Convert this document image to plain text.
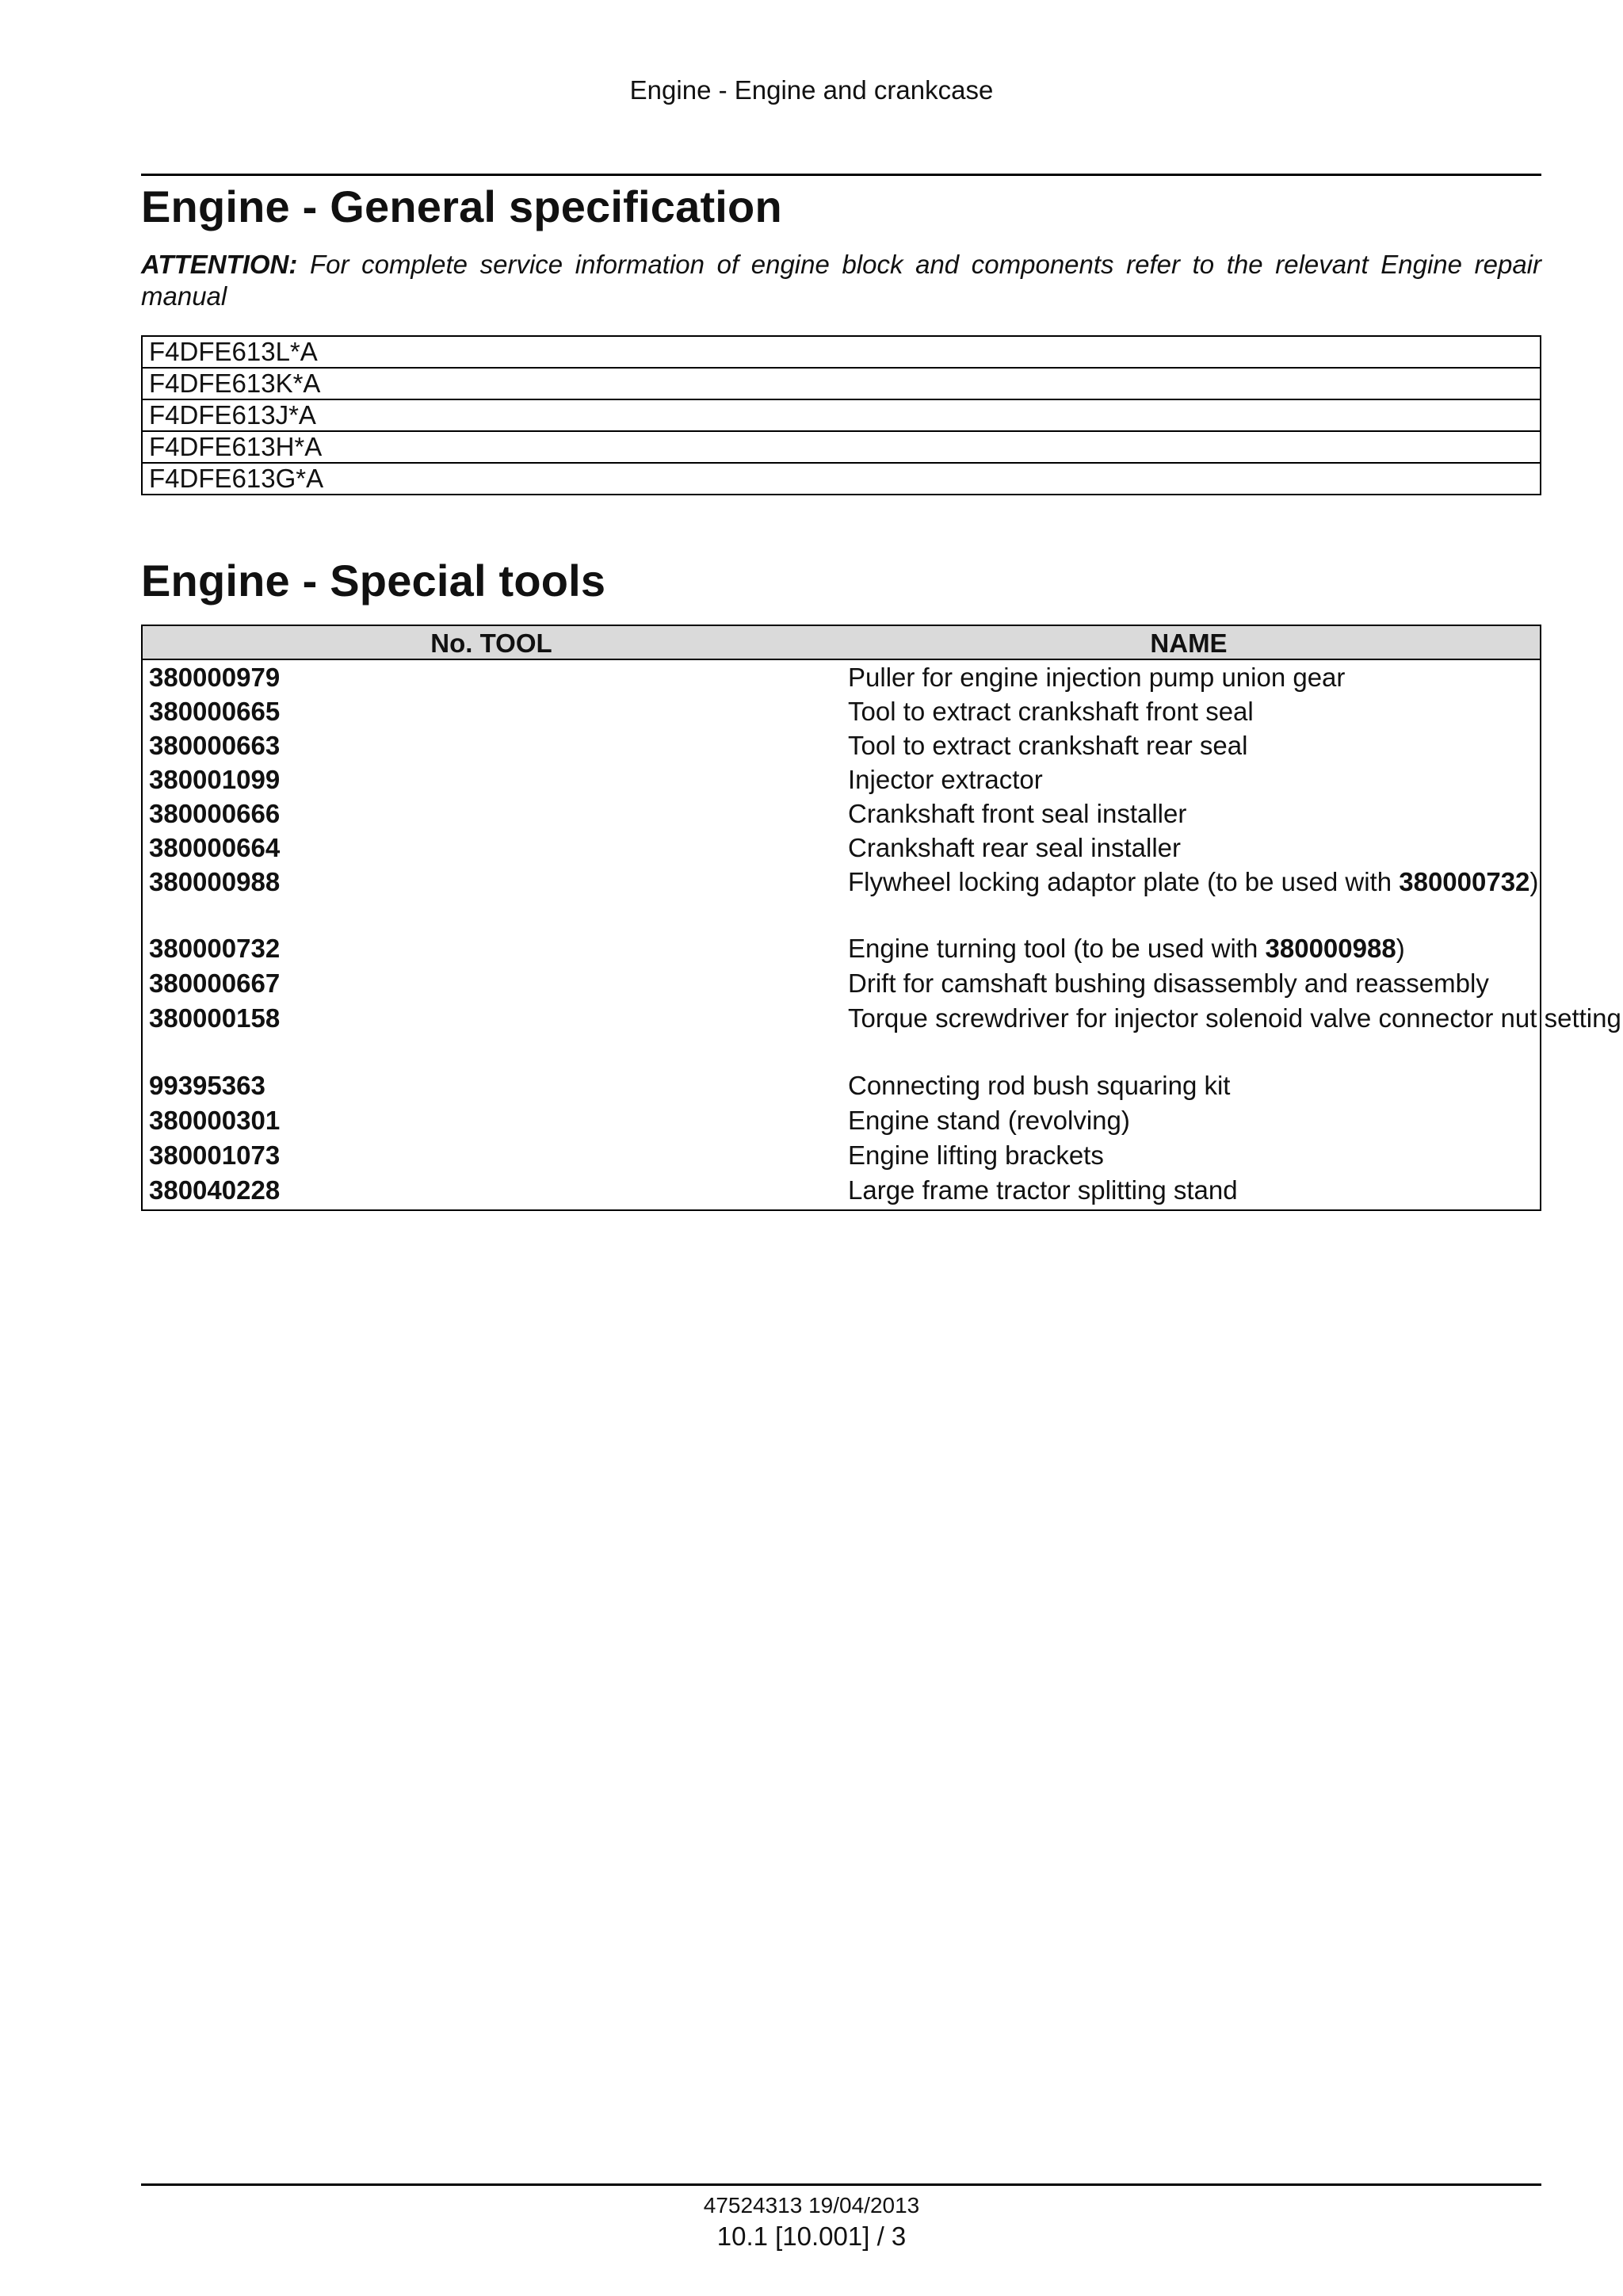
Engine - Engine and crankcase
Engine - General specification
ATTENTION: For complete service information of engine block and components refer to the relevant Engine repair manual
F4DFE613L*A
F4DFE613K*A
F4DFE613J*A
F4DFE613H*A
F4DFE613G*A
Engine - Special tools
No. TOOL	NAME
380000979	Puller for engine injection pump union gear
380000665	Tool to extract crankshaft front seal
380000663	Tool to extract crankshaft rear seal
380001099	Injector extractor
380000666	Crankshaft front seal installer
380000664	Crankshaft rear seal installer
380000988	Flywheel locking adaptor plate (to be used with 380000732)
380000732	Engine turning tool (to be used with 380000988)
380000667	Drift for camshaft bushing disassembly and reassembly
380000158	Torque screwdriver for injector solenoid valve connector nut setting
99395363	Connecting rod bush squaring kit
380000301	Engine stand (revolving)
380001073	Engine lifting brackets
380040228	Large frame tractor splitting stand
47524313 19/04/2013
10.1 [10.001] / 3
